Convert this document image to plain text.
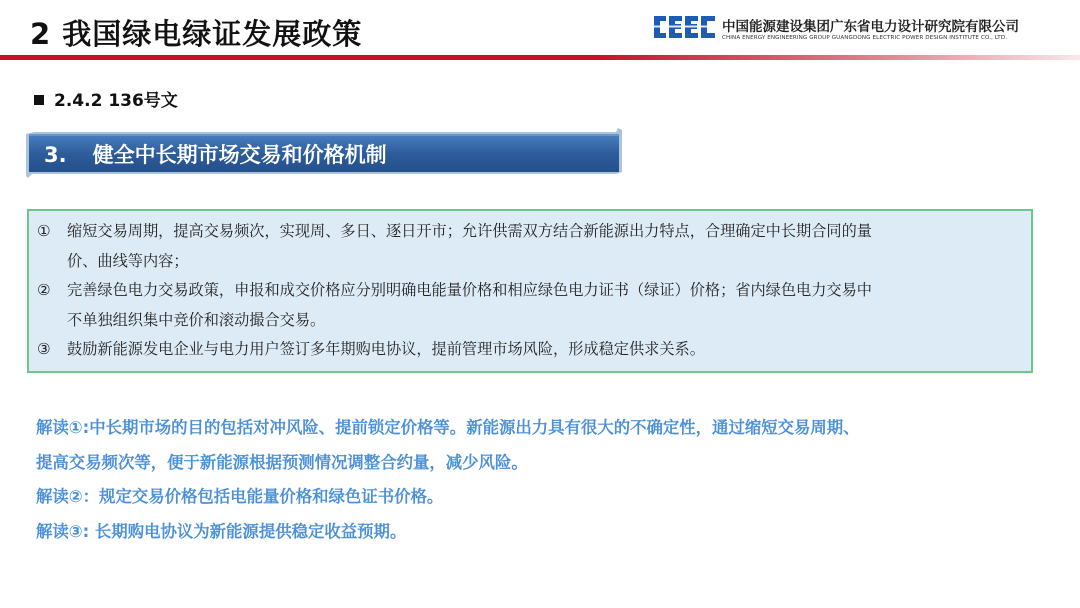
2 我国绿电绿证发展政策	中国能源建设集团广东省电力设计研究院有限公司
CHINA ENERGY ENGINEERING GROUP GUANGDONG ELECTRIC POWER DESIGN INSTITUTE CO., LTD.
2.4.2 136号文
3. 健全中长期市场交易和价格机制
①	缩短交易周期，提高交易频次，实现周、多日、逐日开市；允许供需双方结合新能源出力特点，合理确定中长期合同的量
价、曲线等内容；
②	完善绿色电力交易政策，申报和成交价格应分别明确电能量价格和相应绿色电力证书（绿证）价格；省内绿色电力交易中
不单独组织集中竞价和滚动撮合交易。
③	鼓励新能源发电企业与电力用户签订多年期购电协议，提前管理市场风险，形成稳定供求关系。
解读①:中长期市场的目的包括对冲风险、提前锁定价格等。新能源出力具有很大的不确定性，通过缩短交易周期、
提高交易频次等，便于新能源根据预测情况调整合约量，减少风险。
解读②：规定交易价格包括电能量价格和绿色证书价格。
解读③: 长期购电协议为新能源提供稳定收益预期。
